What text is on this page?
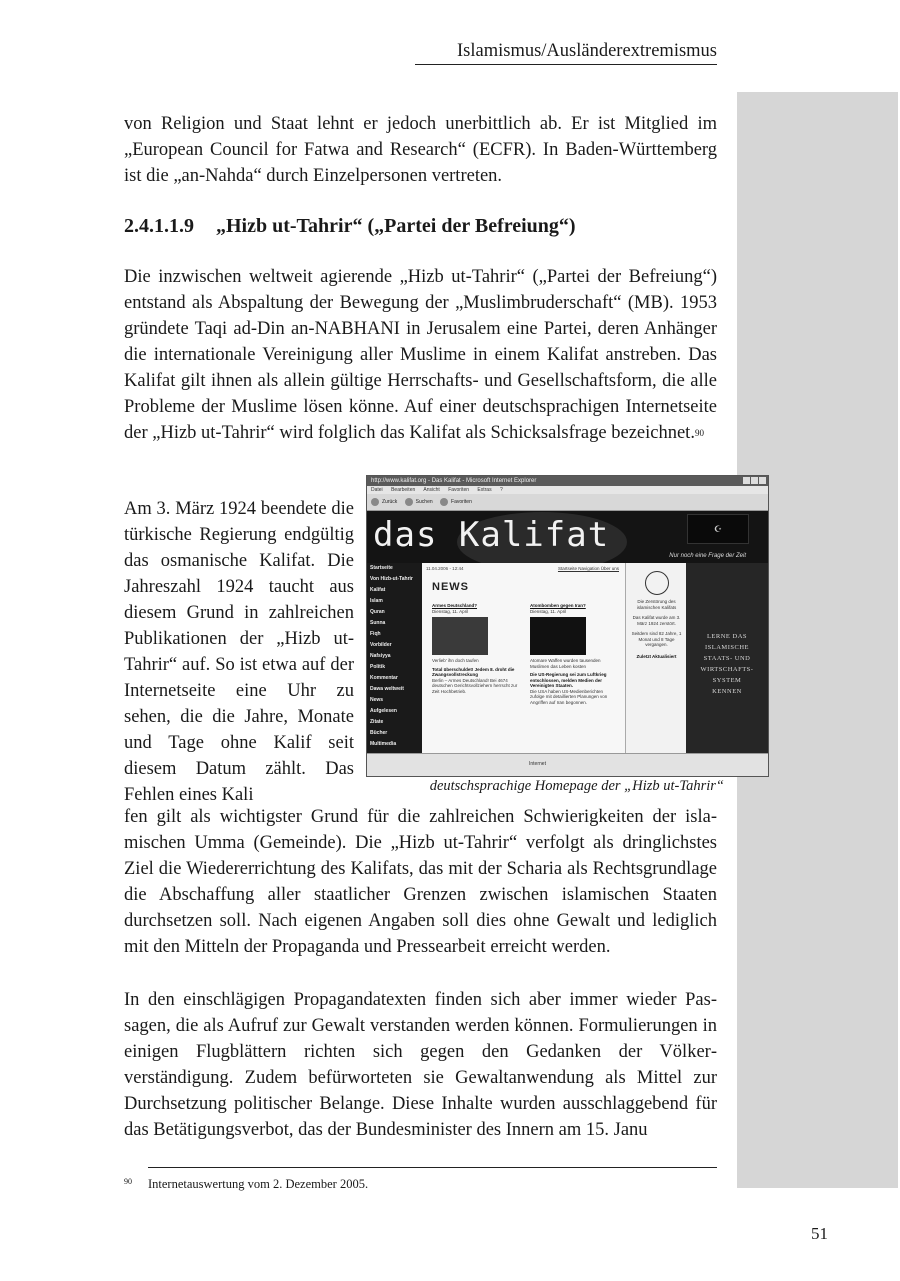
Islamismus/Ausländerextremismus

von Religion und Staat lehnt er jedoch unerbittlich ab. Er ist Mitglied im „European Council for Fatwa and Research“ (ECFR). In Baden-Württemberg ist die „an-Nahda“ durch Einzelpersonen vertreten.

2.4.1.1.9 „Hizb ut-Tahrir“ („Partei der Befreiung“)

Die inzwischen weltweit agierende „Hizb ut-Tahrir“ („Partei der Befreiung“) entstand als Abspaltung der Bewegung der „Muslimbruderschaft“ (MB). 1953 gründete Taqi ad-Din an-NABHANI in Jerusalem eine Partei, deren Anhänger die internationale Vereinigung aller Muslime in einem Kalifat anstreben. Das Kalifat gilt ihnen als allein gültige Herrschafts- und Gesellschaftsform, die alle Probleme der Muslime lösen könne. Auf einer deutschsprachigen Internetseite der „Hizb ut-Tahrir“ wird folglich das Kalifat als Schicksalsfrage bezeichnet.$^{90}$

Am 3. März 1924 beendete die türkische Regierung endgültig das osmanische Kalifat. Die Jahreszahl 1924 taucht aus diesem Grund in zahlreichen Publikationen der „Hizb ut-Tahrir“ auf. So ist etwa auf der Internetseite eine Uhr zu sehen, die die Jahre, Monate und Tage ohne Kalif seit diesem Datum zählt. Das Fehlen eines Kali

fen gilt als wichtigster Grund für die zahlreichen Schwierigkeiten der islamischen Umma (Gemeinde). Die „Hizb ut-Tahrir“ verfolgt als dringlichstes Ziel die Wiedererrichtung des Kalifats, das mit der Scharia als Rechtsgrundlage die Abschaffung aller staatlicher Grenzen zwischen islamischen Staaten durchsetzen soll. Nach eigenen Angaben soll dies ohne Gewalt und lediglich mit den Mitteln der Propaganda und Pressearbeit erreicht werden.

In den einschlägigen Propagandatexten finden sich aber immer wieder Passagen, die als Aufruf zur Gewalt verstanden werden können. Formulierungen in einigen Flugblättern richten sich gegen den Gedanken der Völkerverständigung. Zudem befürworteten sie Gewaltanwendung als Mittel zur Durchsetzung politischer Belange. Diese Inhalte wurden ausschlaggebend für das Betätigungsverbot, das der Bundesminister des Innern am 15. Janu

http://www.kalifat.org - Das Kalifat - Microsoft Internet Explorer
Datei Bearbeiten Ansicht Favoriten Extras ?
Zurück	Suchen	Favoriten
das Kalifat	☪
Nur noch eine Frage der Zeit
Startseite
Von Hizb-ut-Tahrir
Kalifat
Islam
Quran
Sunna
Fiqh
Vorbilder
Nafsiyya
Politik
Kommentar
Dawa weltweit
News
Aufgelesen
Zitate
Bücher
Multimedia
11.04.2006 - 12:44	Startseite Navigation Über uns
NEWS
Armes Deutschland?
Dienstag, 11. April
Verlieb' ihn doch taufen
Total überschuldet! Jedem 8. droht die Zwangsvollstreckung
Berlin – Armes Deutschland! Bei 4674 deutschen Gerichtsvollziehern herrscht zur Zeit Hochbetrieb.
Atombomben gegen Iran?
Dienstag, 11. April
Atomare Waffen wurden tausenden Muslimen das Leben kosten
Die US-Regierung sei zum Luftkrieg entschlossen, melden Medien der Vereinigten Staaten.
Die USA haben US-Medienberichten zufolge mit detaillierten Planungen von Angriffen auf Iran begonnen.
Die Zerstörung des islamischen Kalifats
Das Kalifat wurde am 3. März 1924 zerstört.
Seitdem sind 82 Jahre, 1 Monat und 8 Tage vergangen.
Zuletzt Aktualisiert
LERNE DAS
ISLAMISCHE
STAATS- UND
WIRTSCHAFTS-
SYSTEM
KENNEN
Internet

deutschsprachige Homepage der „Hizb ut-Tahrir“

$^{90}$ Internetauswertung vom 2. Dezember 2005.
51
